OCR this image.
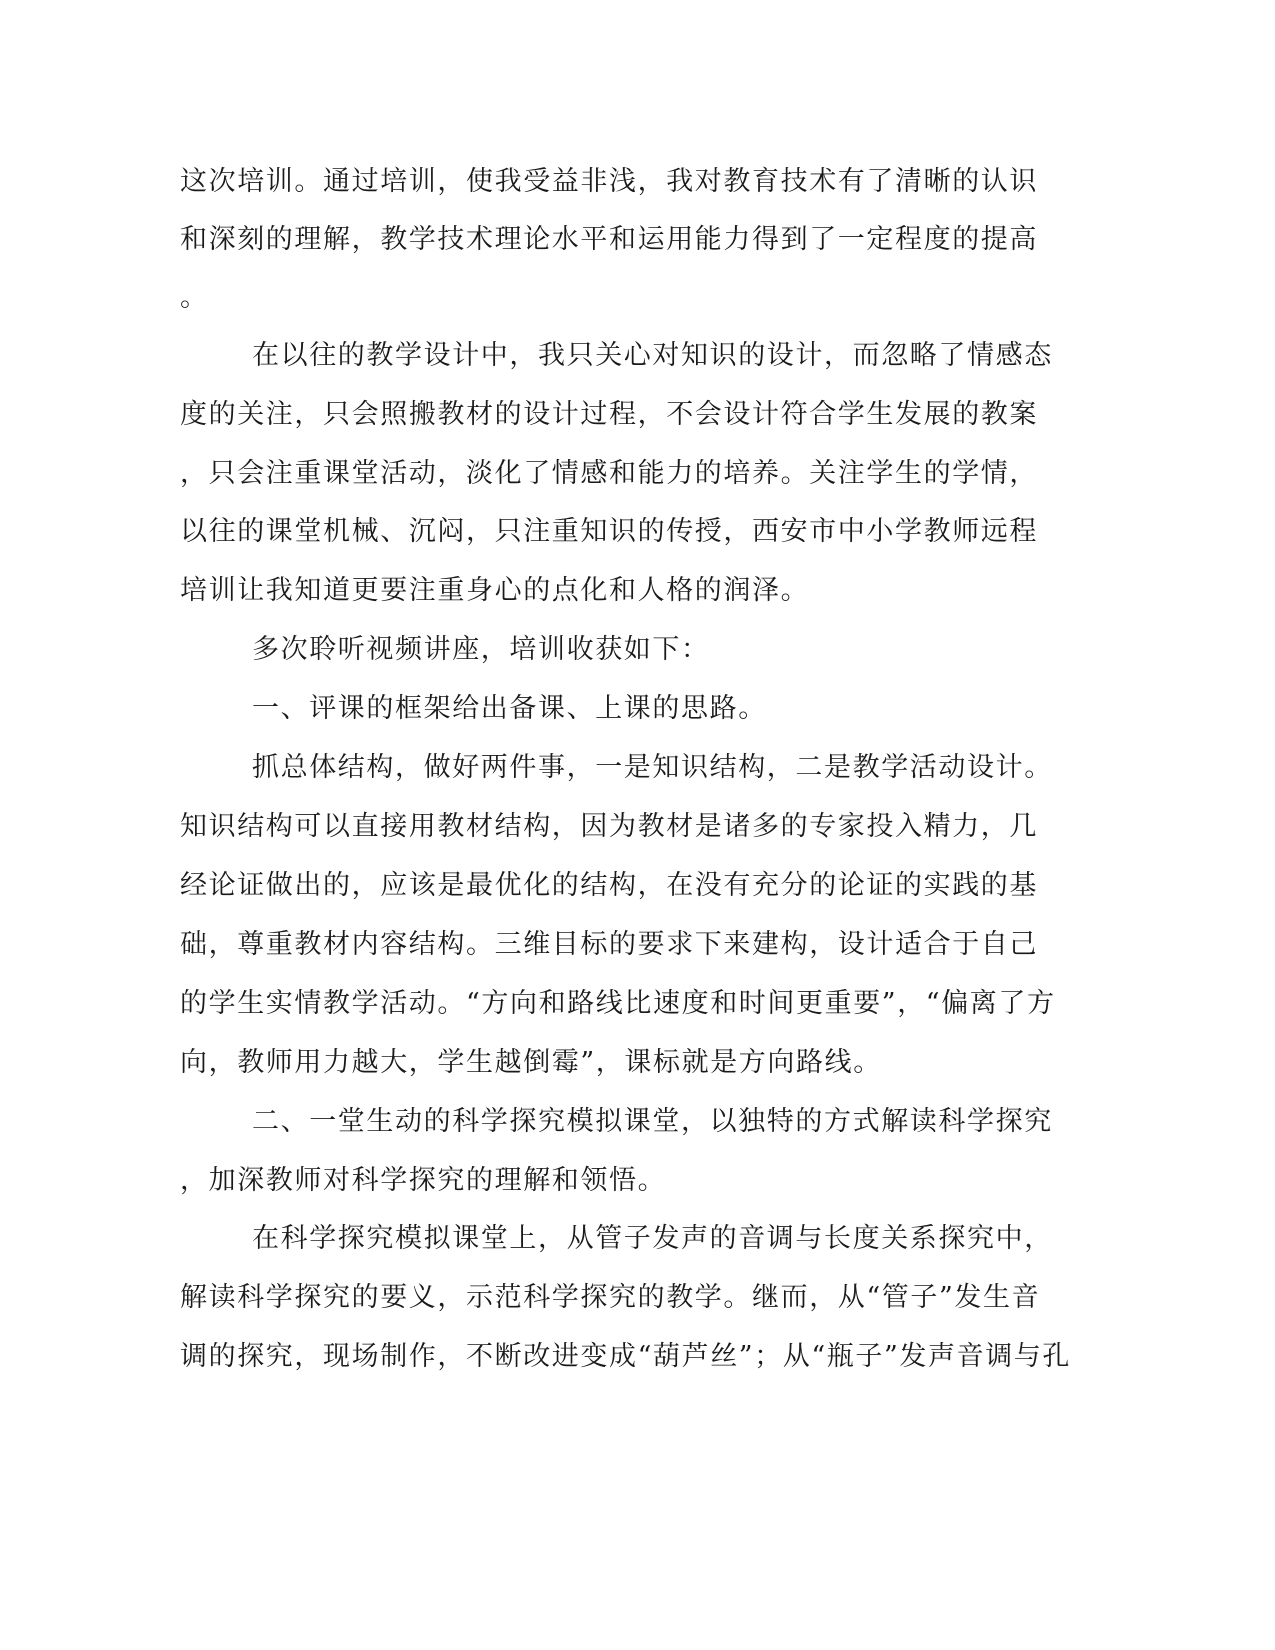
这次培训。通过培训，使我受益非浅，我对教育技术有了清晰的认识
和深刻的理解，教学技术理论水平和运用能力得到了一定程度的提高
。
在以往的教学设计中，我只关心对知识的设计，而忽略了情感态
度的关注，只会照搬教材的设计过程，不会设计符合学生发展的教案
，只会注重课堂活动，淡化了情感和能力的培养。关注学生的学情，
以往的课堂机械、沉闷，只注重知识的传授，西安市中小学教师远程
培训让我知道更要注重身心的点化和人格的润泽。
多次聆听视频讲座，培训收获如下：
一、评课的框架给出备课、上课的思路。
抓总体结构，做好两件事，一是知识结构，二是教学活动设计。
知识结构可以直接用教材结构，因为教材是诸多的专家投入精力，几
经论证做出的，应该是最优化的结构，在没有充分的论证的实践的基
础，尊重教材内容结构。三维目标的要求下来建构，设计适合于自己
的学生实情教学活动。“方向和路线比速度和时间更重要”，“偏离了方
向，教师用力越大，学生越倒霉”，课标就是方向路线。
二、一堂生动的科学探究模拟课堂，以独特的方式解读科学探究
，加深教师对科学探究的理解和领悟。
在科学探究模拟课堂上，从管子发声的音调与长度关系探究中，
解读科学探究的要义，示范科学探究的教学。继而，从“管子”发生音
调的探究，现场制作，不断改进变成“葫芦丝”；从“瓶子”发声音调与孔
